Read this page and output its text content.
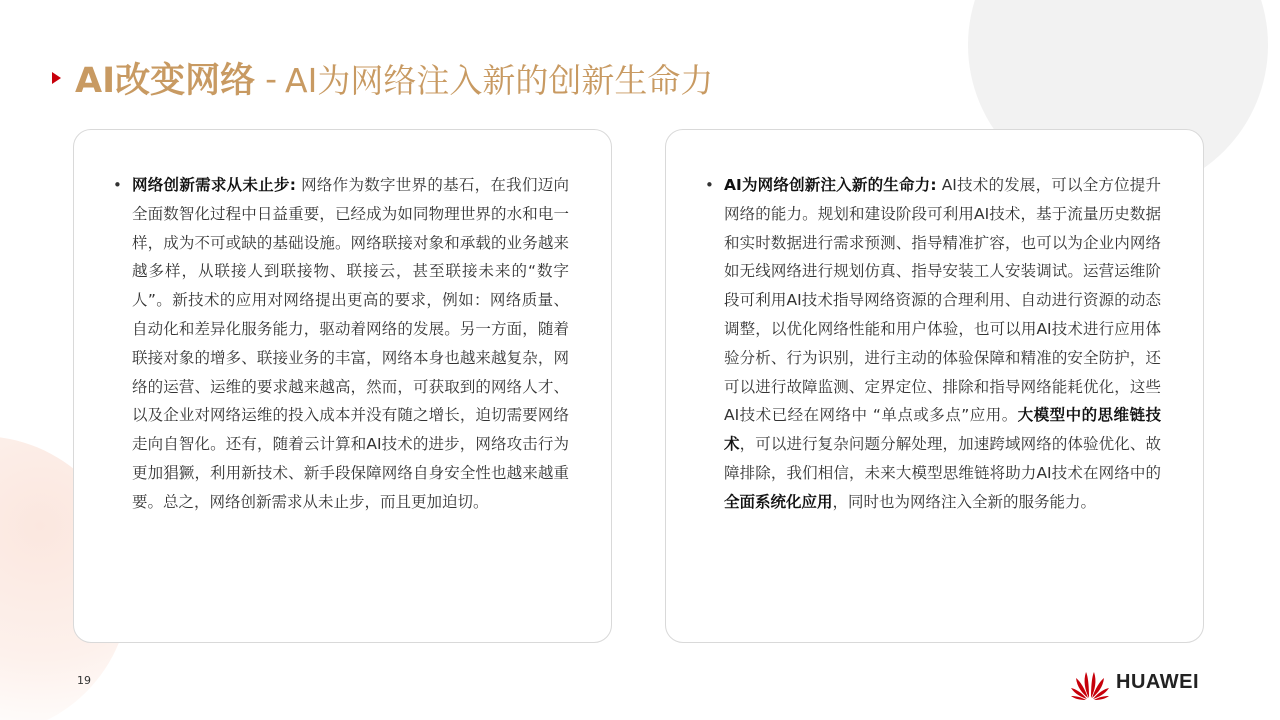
AI改变网络 - AI为网络注入新的创新生命力
• 网络创新需求从未止步: 网络作为数字世界的基石，在我们迈向全面数智化过程中日益重要，已经成为如同物理世界的水和电一样，成为不可或缺的基础设施。网络联接对象和承载的业务越来越多样，从联接人到联接物、联接云，甚至联接未来的“数字人”。新技术的应用对网络提出更高的要求，例如：网络质量、自动化和差异化服务能力，驱动着网络的发展。另一方面，随着联接对象的增多、联接业务的丰富，网络本身也越来越复杂，网络的运营、运维的要求越来越高，然而，可获取到的网络人才、以及企业对网络运维的投入成本并没有随之增长，迫切需要网络走向自智化。还有，随着云计算和AI技术的进步，网络攻击行为更加猖獗，利用新技术、新手段保障网络自身安全性也越来越重要。总之，网络创新需求从未止步，而且更加迫切。
• AI为网络创新注入新的生命力: AI技术的发展，可以全方位提升网络的能力。规划和建设阶段可利用AI技术，基于流量历史数据和实时数据进行需求预测、指导精准扩容，也可以为企业内网络如无线网络进行规划仿真、指导安装工人安装调试。运营运维阶段可利用AI技术指导网络资源的合理利用、自动进行资源的动态调整，以优化网络性能和用户体验，也可以用AI技术进行应用体验分析、行为识别，进行主动的体验保障和精准的安全防护，还可以进行故障监测、定界定位、排除和指导网络能耗优化，这些AI技术已经在网络中 “单点或多点”应用。大模型中的思维链技术，可以进行复杂问题分解处理，加速跨域网络的体验优化、故障排除，我们相信，未来大模型思维链将助力AI技术在网络中的全面系统化应用，同时也为网络注入全新的服务能力。
19	HUAWEI
